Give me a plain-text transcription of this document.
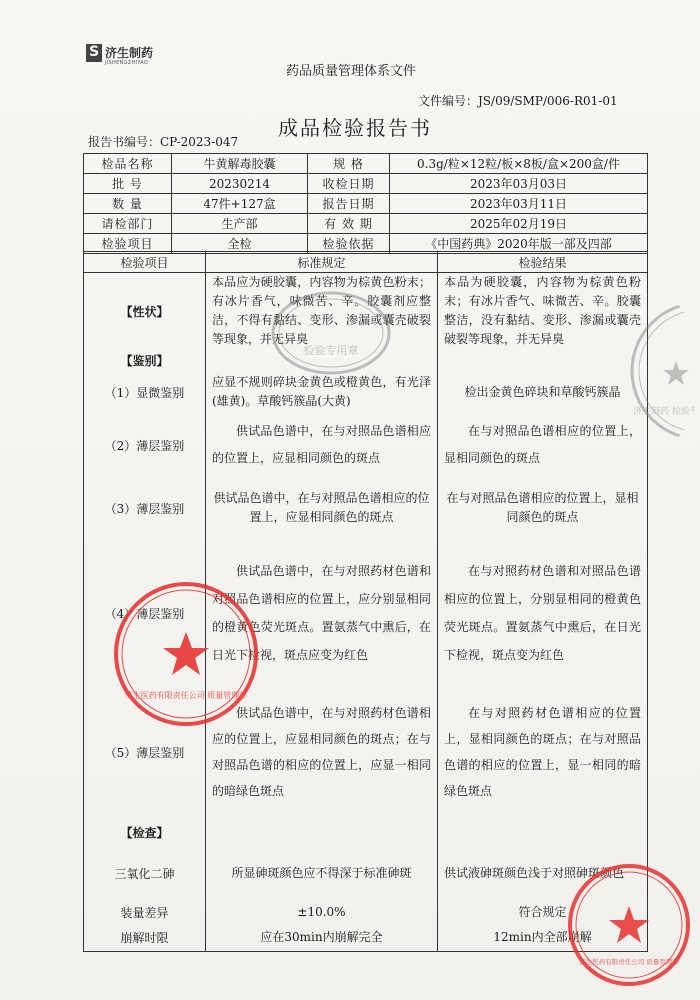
S
济生制药
JISHENGZHIYAO
药品质量管理体系文件
文件编号：JS/09/SMP/006-R01-01
成品检验报告书
报告书编号：CP-2023-047
检品名称	牛黄解毒胶囊	规 格	0.3g/粒×12粒/板×8板/盒×200盒/件
批 号	20230214	收检日期	2023年03月03日
数 量	47件+127盒	报告日期	2023年03月11日
请检部门	生产部	有 效 期	2025年02月19日
检验项目	全检	检验依据	《中国药典》2020年版一部及四部
检验项目	标准规定	检验结果
【性状】	本品应为硬胶囊，内容物为棕黄色粉末；有冰片香气，味微苦、辛。胶囊剂应整洁，不得有黏结、变形、渗漏或囊壳破裂等现象，并无异臭	本品为硬胶囊，内容物为棕黄色粉末；有冰片香气、味微苦、辛。胶囊整洁，没有黏结、变形、渗漏或囊壳破裂等现象，并无异臭

【鉴别】		
（1）显微鉴别	应显不规则碎块金黄色或橙黄色，有光泽(雄黄)。草酸钙簇晶(大黄)	检出金黄色碎块和草酸钙簇晶

（2）薄层鉴别	供试品色谱中，在与对照品色谱相应的位置上，应显相同颜色的斑点	在与对照品色谱相应的位置上，显相同颜色的斑点

（3）薄层鉴别	供试品色谱中，在与对照品色谱相应的位置上，应显相同颜色的斑点	在与对照品色谱相应的位置上，显相同颜色的斑点

（4）薄层鉴别	供试品色谱中，在与对照药材色谱和对照品色谱相应的位置上，应分别显相同的橙黄色荧光斑点。置氨蒸气中熏后，在日光下检视，斑点应变为红色	在与对照药材色谱和对照品色谱相应的位置上，分别显相同的橙黄色荧光斑点。置氨蒸气中熏后，在日光下检视，斑点变为红色

（5）薄层鉴别	供试品色谱中，在与对照药材色谱相应的位置上，应显相同颜色的斑点；在与对照品色谱的相应的位置上，应显一相同的暗绿色斑点	在与对照药材色谱相应的位置上，显相同颜色的斑点；在与对照品色谱的相应的位置上，显一相同的暗绿色斑点

【检查】		
三氧化二砷	所显砷斑颜色应不得深于标准砷斑	供试液砷斑颜色浅于对照砷斑颜色

装量差异	±10.0%	符合规定

崩解时限	应在30min内崩解完全	12min内全部崩解
检验专用章
济生医药有限责任公司 质量管理部
济生医药有限责任公司 质量管理部
济生制药 检验专
